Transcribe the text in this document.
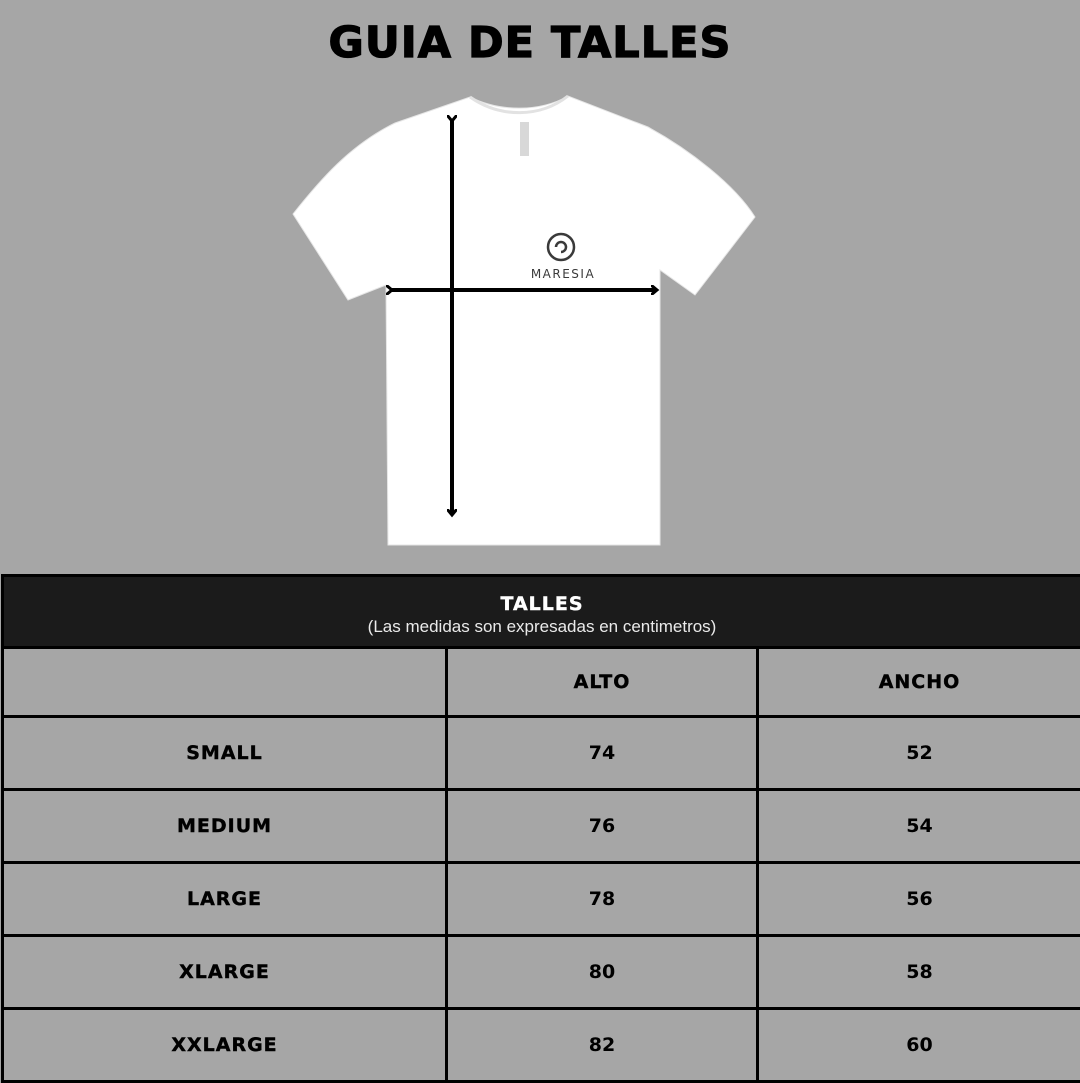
GUIA DE TALLES
MARESIA
TALLES
(Las medidas son expresadas en centimetros)		

	ALTO	ANCHO
SMALL	74	52
MEDIUM	76	54
LARGE	78	56
XLARGE	80	58
XXLARGE	82	60
